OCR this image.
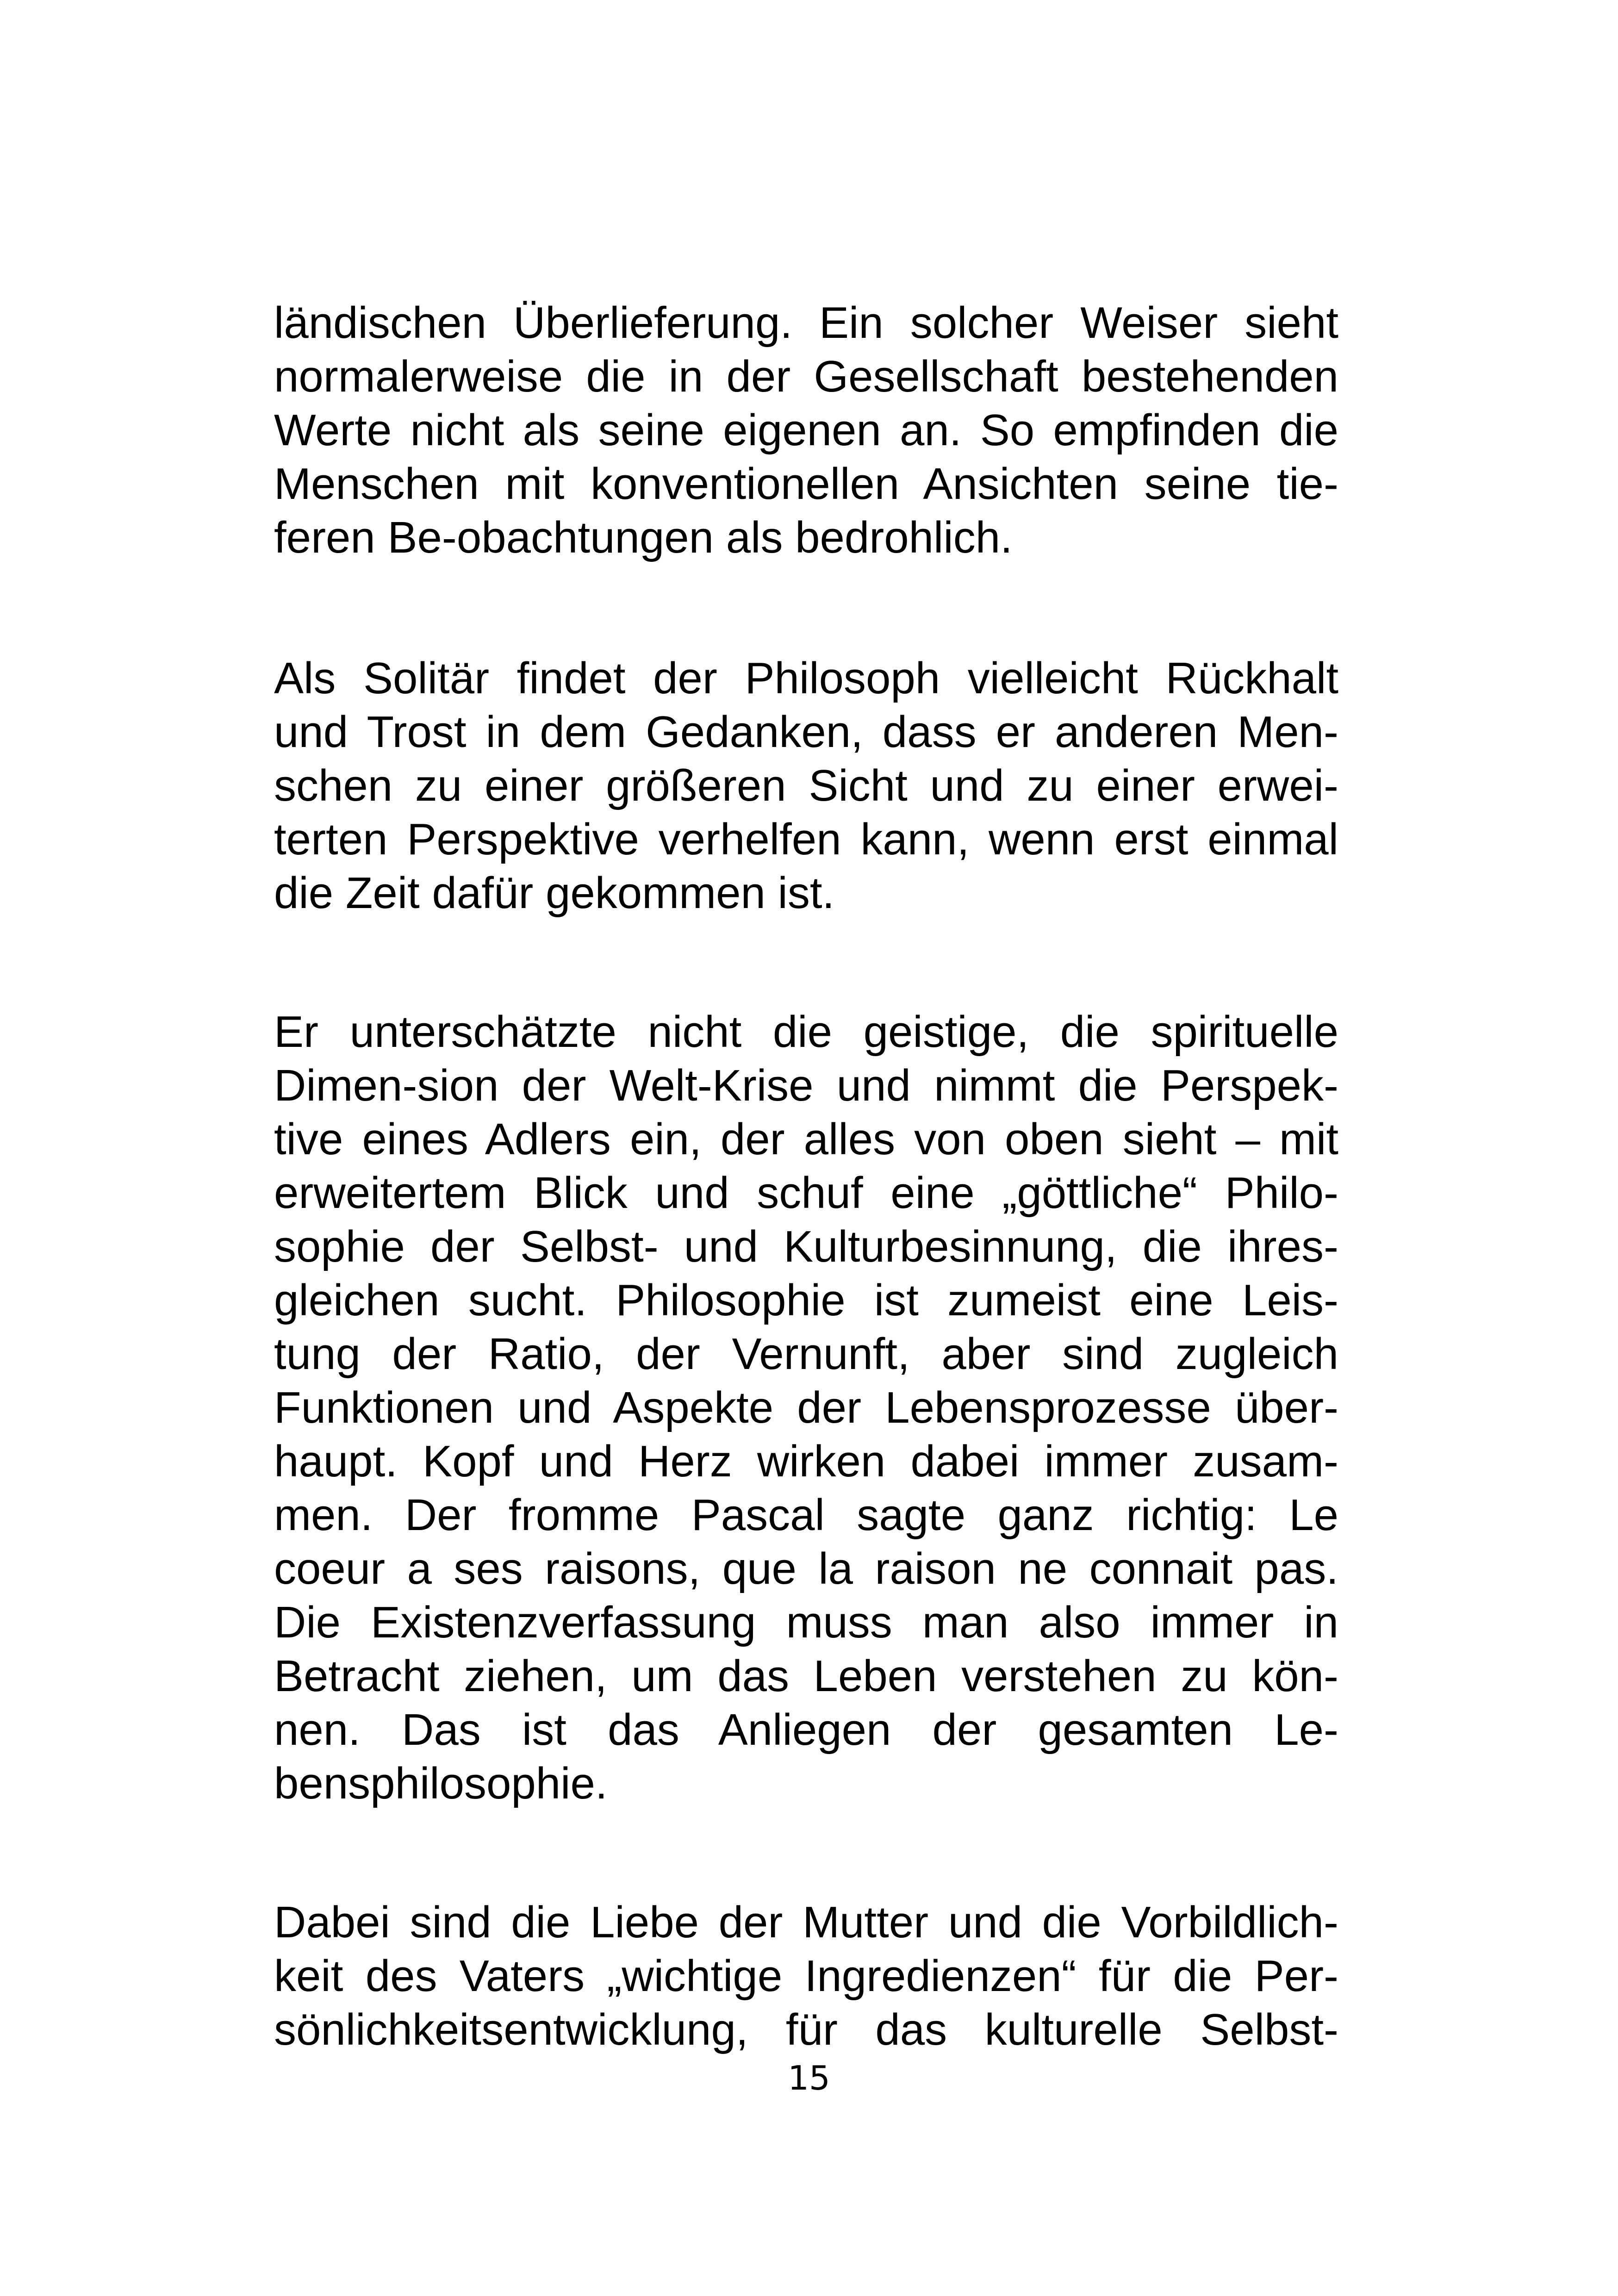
ländischen Überlieferung. Ein solcher Weiser sieht
normalerweise die in der Gesellschaft bestehenden
Werte nicht als seine eigenen an. So empfinden die
Menschen mit konventionellen Ansichten seine tie-
feren Be-obachtungen als bedrohlich.
Als Solitär findet der Philosoph vielleicht Rückhalt
und Trost in dem Gedanken, dass er anderen Men-
schen zu einer größeren Sicht und zu einer erwei-
terten Perspektive verhelfen kann, wenn erst einmal
die Zeit dafür gekommen ist.
Er unterschätzte nicht die geistige, die spirituelle
Dimen-sion der Welt-Krise und nimmt die Perspek-
tive eines Adlers ein, der alles von oben sieht – mit
erweitertem Blick und schuf eine „göttliche“ Philo-
sophie der Selbst- und Kulturbesinnung, die ihres-
gleichen sucht. Philosophie ist zumeist eine Leis-
tung der Ratio, der Vernunft, aber sind zugleich
Funktionen und Aspekte der Lebensprozesse über-
haupt. Kopf und Herz wirken dabei immer zusam-
men. Der fromme Pascal sagte ganz richtig: Le
coeur a ses raisons, que la raison ne connait pas.
Die Existenzverfassung muss man also immer in
Betracht ziehen, um das Leben verstehen zu kön-
nen. Das ist das Anliegen der gesamten Le-
bensphilosophie.
Dabei sind die Liebe der Mutter und die Vorbildlich-
keit des Vaters „wichtige Ingredienzen“ für die Per-
sönlichkeitsentwicklung, für das kulturelle Selbst-
15
